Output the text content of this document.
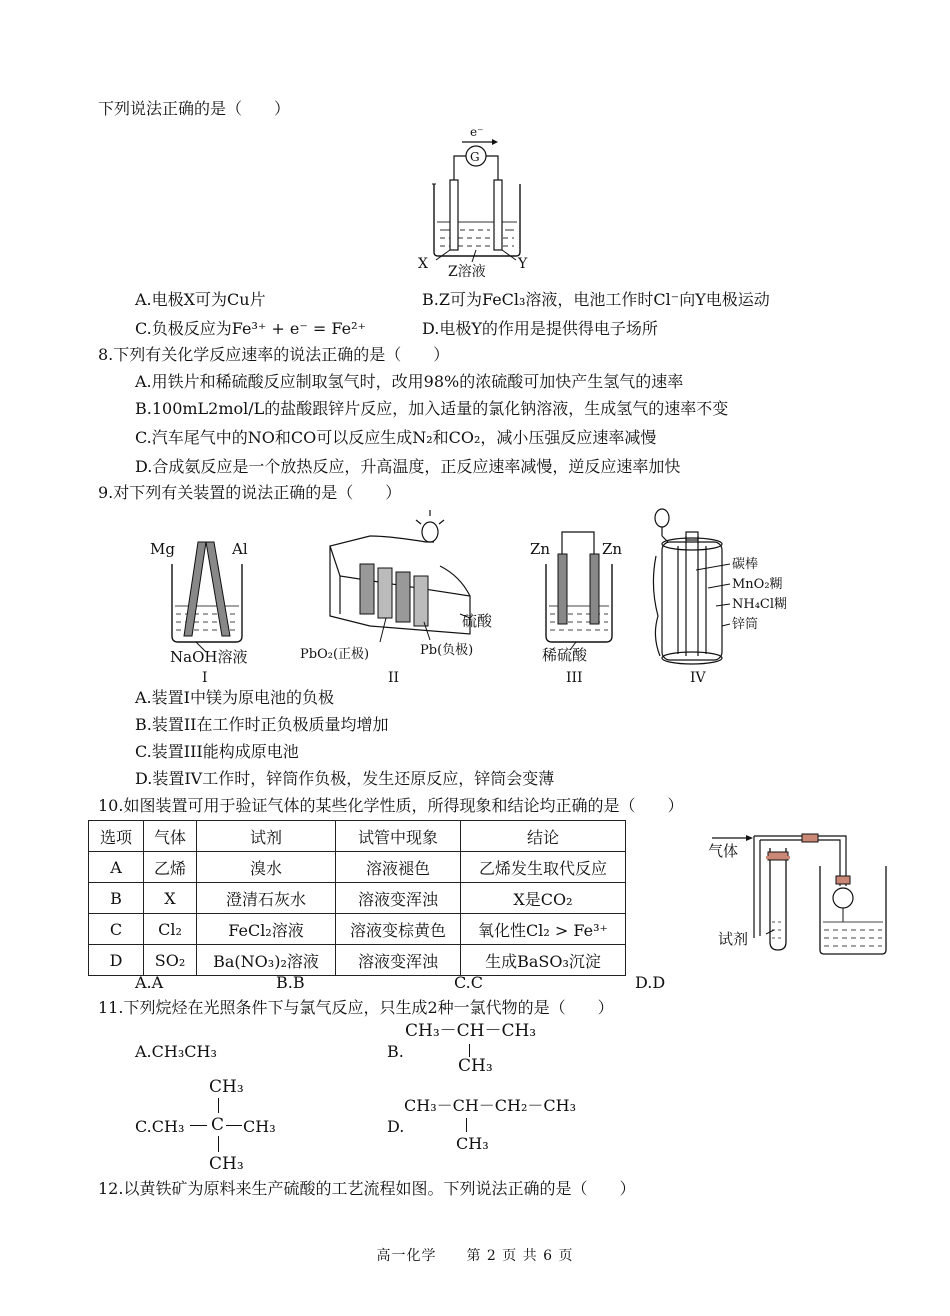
下列说法正确的是（　　）
e⁻
G
X	Y
Z溶液
A.电极X可为Cu片	B.Z可为FeCl₃溶液，电池工作时Cl⁻向Y电极运动
C.负极反应为Fe³⁺ + e⁻ = Fe²⁺	D.电极Y的作用是提供得电子场所
8.下列有关化学反应速率的说法正确的是（　　）
A.用铁片和稀硫酸反应制取氢气时，改用98%的浓硫酸可加快产生氢气的速率
B.100mL2mol/L的盐酸跟锌片反应，加入适量的氯化钠溶液，生成氢气的速率不变
C.汽车尾气中的NO和CO可以反应生成N₂和CO₂，减小压强反应速率减慢
D.合成氨反应是一个放热反应，升高温度，正反应速率减慢，逆反应速率加快
9.对下列有关装置的说法正确的是（　　）
Mg	Al
NaOH溶液
I
硫酸
PbO₂(正极)	Pb(负极)
II
Zn	Zn
稀硫酸
III
碳棒
MnO₂糊
NH₄Cl糊
锌筒
IV
A.装置I中镁为原电池的负极
B.装置II在工作时正负极质量均增加
C.装置III能构成原电池
D.装置IV工作时，锌筒作负极，发生还原反应，锌筒会变薄
10.如图装置可用于验证气体的某些化学性质，所得现象和结论均正确的是（　　）
选项	气体	试剂	试管中现象	结论
A	乙烯	溴水	溶液褪色	乙烯发生取代反应
B	X	澄清石灰水	溶液变浑浊	X是CO₂
C	Cl₂	FeCl₂溶液	溶液变棕黄色	氧化性Cl₂ > Fe³⁺
D	SO₂	Ba(NO₃)₂溶液	溶液变浑浊	生成BaSO₃沉淀
气体
试剂
A.A	B.B	C.C	D.D
11.下列烷烃在光照条件下与氯气反应，只生成2种一氯代物的是（　　）
A.CH₃CH₃	B.
CH₃－CH－CH₃
CH₃
CH₃
C.CH₃ C CH₃
CH₃
D.
CH₃－CH－CH₂－CH₃
CH₃
12.以黄铁矿为原料来生产硫酸的工艺流程如图。下列说法正确的是（　　）
高一化学　　第 2 页 共 6 页
